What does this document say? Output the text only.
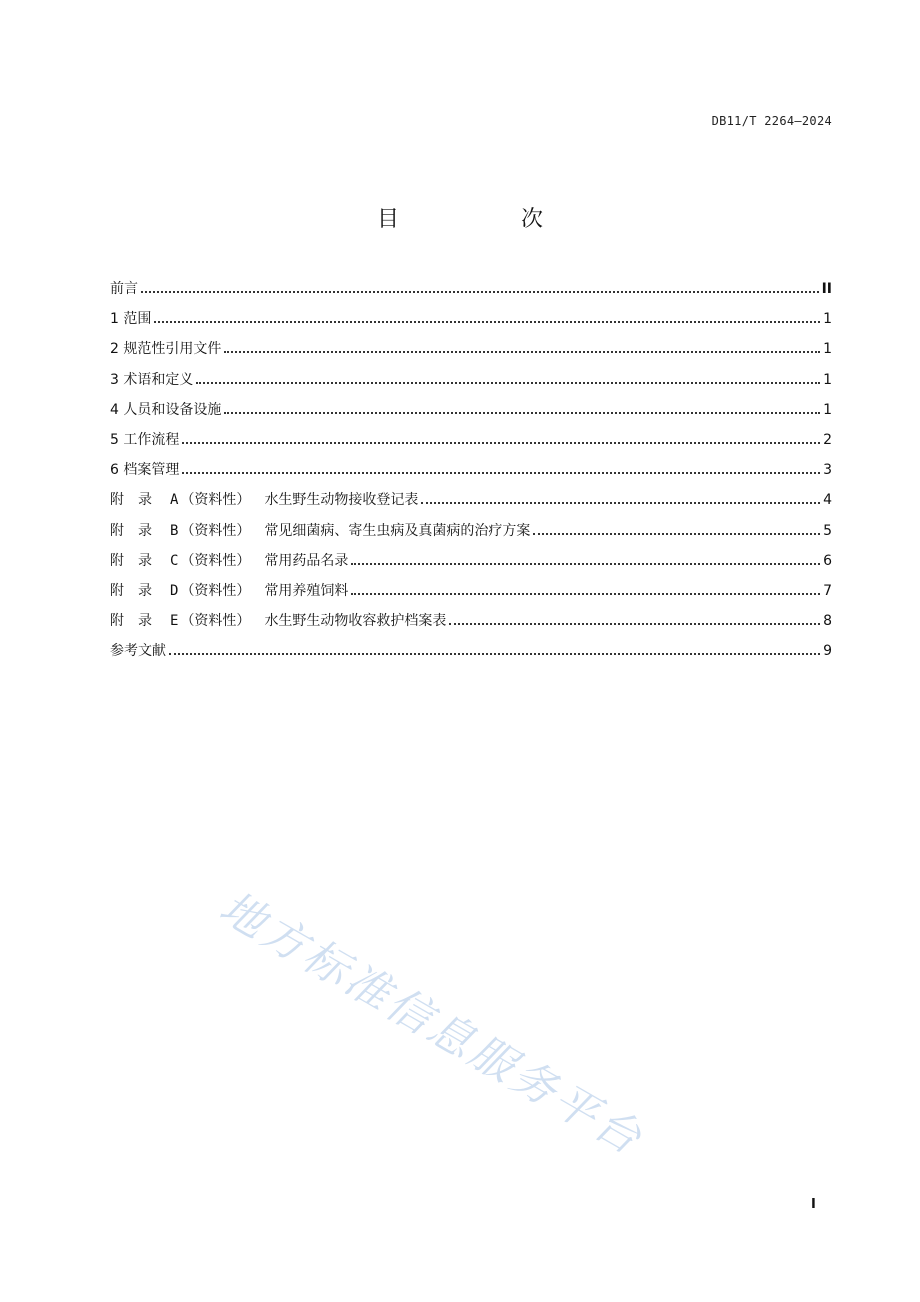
DB11/T 2264—2024
目　次
前言	II
1 范围	1
2 规范性引用文件	1
3 术语和定义	1
4 人员和设备设施	1
5 工作流程	2
6 档案管理	3
附录 A （资料性） 水生野生动物接收登记表	4
附录 B （资料性） 常见细菌病、寄生虫病及真菌病的治疗方案	5
附录 C （资料性） 常用药品名录	6
附录 D （资料性） 常用养殖饲料	7
附录 E （资料性） 水生野生动物收容救护档案表	8
参考文献	9
地方标准信息服务平台
I
